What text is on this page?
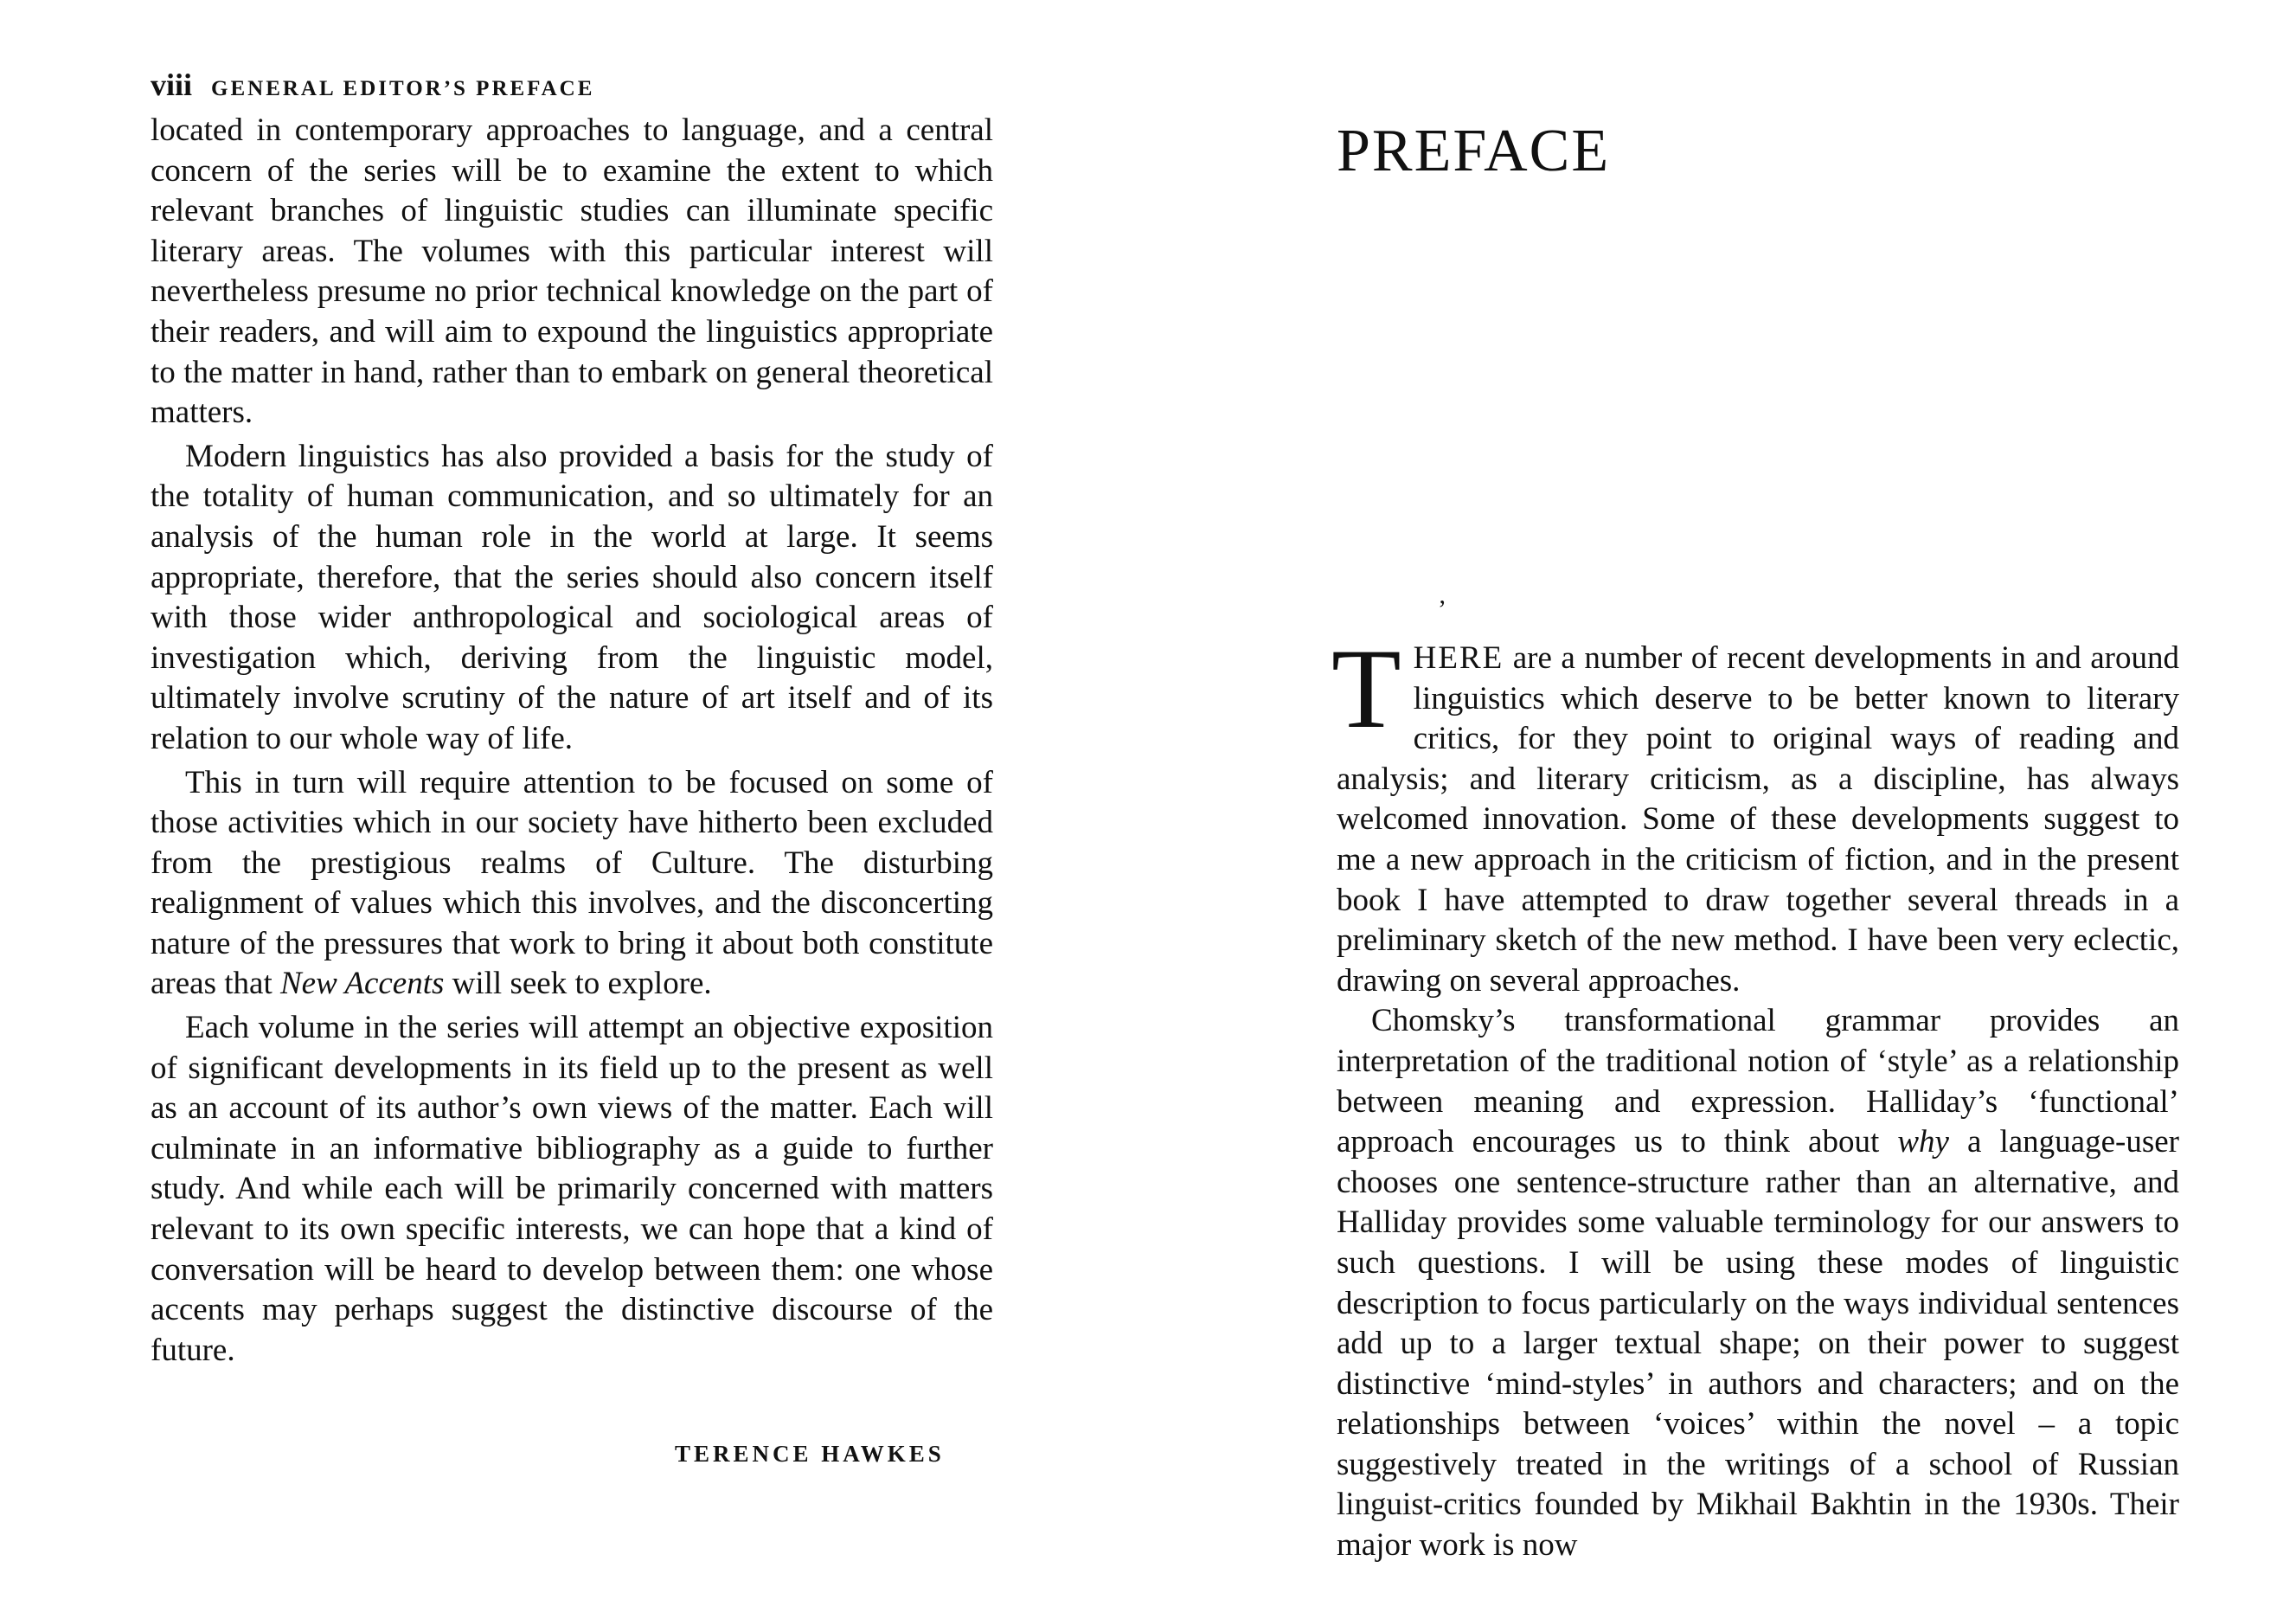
viii GENERAL EDITOR’S PREFACE

located in contemporary approaches to language, and a central concern of the series will be to examine the extent to which relevant branches of linguistic studies can illuminate specific literary areas. The volumes with this particular interest will nevertheless presume no prior technical knowledge on the part of their readers, and will aim to expound the linguistics appropriate to the matter in hand, rather than to embark on general theoretical matters.

Modern linguistics has also provided a basis for the study of the totality of human communication, and so ultimately for an analysis of the human role in the world at large. It seems appropriate, therefore, that the series should also concern itself with those wider anthropological and sociological areas of investigation which, deriving from the linguistic model, ultimately involve scrutiny of the nature of art itself and of its relation to our whole way of life.

This in turn will require attention to be focused on some of those activities which in our society have hitherto been excluded from the prestigious realms of Culture. The disturbing realignment of values which this involves, and the disconcerting nature of the pressures that work to bring it about both constitute areas that New Accents will seek to explore.

Each volume in the series will attempt an objective exposition of significant developments in its field up to the present as well as an account of its author’s own views of the matter. Each will culminate in an informative bibliography as a guide to further study. And while each will be primarily concerned with matters relevant to its own specific interests, we can hope that a kind of conversation will be heard to develop between them: one whose accents may perhaps suggest the distinctive discourse of the future.

TERENCE HAWKES
PREFACE
ʼ

THERE are a number of recent developments in and around linguistics which deserve to be better known to literary critics, for they point to original ways of reading and analysis; and literary criticism, as a discipline, has always welcomed innovation. Some of these developments suggest to me a new approach in the criticism of fiction, and in the present book I have attempted to draw together several threads in a preliminary sketch of the new method. I have been very eclectic, drawing on several approaches.

Chomsky’s transformational grammar provides an interpretation of the traditional notion of ‘style’ as a relationship between meaning and expression. Halliday’s ‘functional’ approach encourages us to think about why a language-user chooses one sentence-structure rather than an alternative, and Halliday provides some valuable terminology for our answers to such questions. I will be using these modes of linguistic description to focus particularly on the ways individual sentences add up to a larger textual shape; on their power to suggest distinctive ‘mind-styles’ in authors and characters; and on the relationships between ‘voices’ within the novel – a topic suggestively treated in the writings of a school of Russian linguist-critics founded by Mikhail Bakhtin in the 1930s. Their major work is now
